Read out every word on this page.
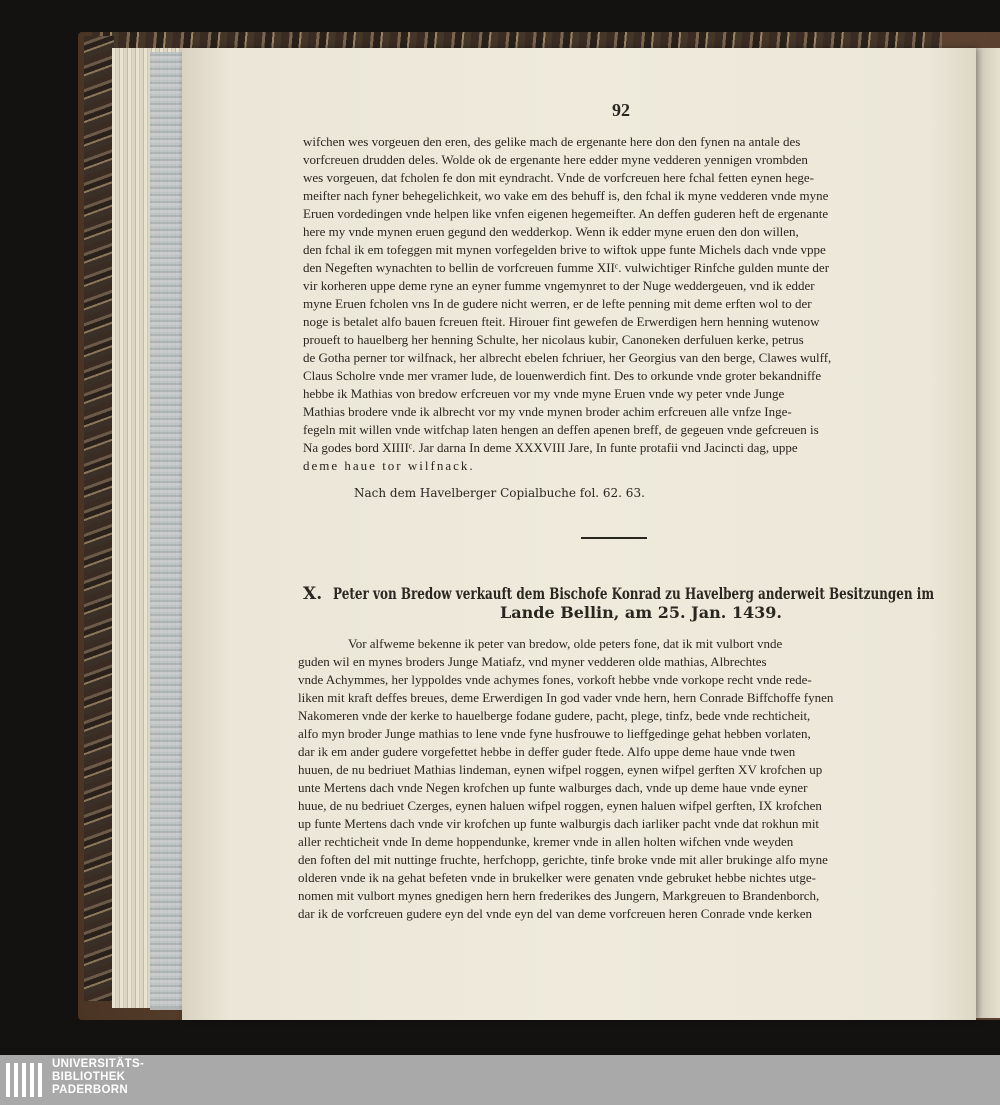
92
wifchen wes vorgeuen den eren, des gelike mach de ergenante here don den fynen na antale des
vorfcreuen drudden deles. Wolde ok de ergenante here edder myne vedderen yennigen vrombden
wes vorgeuen, dat fcholen fe don mit eyndracht. Vnde de vorfcreuen here fchal fetten eynen hege-
meifter nach fyner behegelichkeit, wo vake em des behuff is, den fchal ik myne vedderen vnde myne
Eruen vordedingen vnde helpen like vnfen eigenen hegemeifter. An deffen guderen heft de ergenante
here my vnde mynen eruen gegund den wedderkop. Wenn ik edder myne eruen den don willen,
den fchal ik em tofeggen mit mynen vorfegelden brive to wiftok uppe funte Michels dach vnde vppe
den Negeften wynachten to bellin de vorfcreuen fumme XIIᶜ. vulwichtiger Rinfche gulden munte der
vir korheren uppe deme ryne an eyner fumme vngemynret to der Nuge weddergeuen, vnd ik edder
myne Eruen fcholen vns In de gudere nicht werren, er de lefte penning mit deme erften wol to der
noge is betalet alfo bauen fcreuen fteit. Hirouer fint gewefen de Erwerdigen hern henning wutenow
proueft to hauelberg her henning Schulte, her nicolaus kubir, Canoneken derfuluen kerke, petrus
de Gotha perner tor wilfnack, her albrecht ebelen fchriuer, her Georgius van den berge, Clawes wulff,
Claus Scholre vnde mer vramer lude, de louenwerdich fint. Des to orkunde vnde groter bekandniffe
hebbe ik Mathias von bredow erfcreuen vor my vnde myne Eruen vnde wy peter vnde Junge
Mathias brodere vnde ik albrecht vor my vnde mynen broder achim erfcreuen alle vnfze Inge-
fegeln mit willen vnde witfchap laten hengen an deffen apenen breff, de gegeuen vnde gefcreuen is
Na godes bord XIIIIᶜ. Jar darna In deme XXXVIII Jare, In funte protafii vnd Jacincti dag, uppe
deme haue tor wilfnack.
Nach dem Havelberger Copialbuche fol. 62. 63.
X. Peter von Bredow verkauft dem Bischofe Konrad zu Havelberg anderweit Besitzungen im
Lande Bellin, am 25. Jan. 1439.
Vor alfweme bekenne ik peter van bredow, olde peters fone, dat ik mit vulbort vnde
guden wil en mynes broders Junge Matiafz, vnd myner vedderen olde mathias, Albrechtes
vnde Achymmes, her lyppoldes vnde achymes fones, vorkoft hebbe vnde vorkope recht vnde rede-
liken mit kraft deffes breues, deme Erwerdigen In god vader vnde hern, hern Conrade Biffchoffe fynen
Nakomeren vnde der kerke to hauelberge fodane gudere, pacht, plege, tinfz, bede vnde rechticheit,
alfo myn broder Junge mathias to lene vnde fyne husfrouwe to lieffgedinge gehat hebben vorlaten,
dar ik em ander gudere vorgefettet hebbe in deffer guder ftede. Alfo uppe deme haue vnde twen
huuen, de nu bedriuet Mathias lindeman, eynen wifpel roggen, eynen wifpel gerften XV krofchen up
unte Mertens dach vnde Negen krofchen up funte walburges dach, vnde up deme haue vnde eyner
huue, de nu bedriuet Czerges, eynen haluen wifpel roggen, eynen haluen wifpel gerften, IX krofchen
up funte Mertens dach vnde vir krofchen up funte walburgis dach iarliker pacht vnde dat rokhun mit
aller rechticheit vnde In deme hoppendunke, kremer vnde in allen holten wifchen vnde weyden
den foften del mit nuttinge fruchte, herfchopp, gerichte, tinfe broke vnde mit aller brukinge alfo myne
olderen vnde ik na gehat befeten vnde in brukelker were genaten vnde gebruket hebbe nichtes utge-
nomen mit vulbort mynes gnedigen hern hern frederikes des Jungern, Markgreuen to Brandenborch,
dar ik de vorfcreuen gudere eyn del vnde eyn del van deme vorfcreuen heren Conrade vnde kerken
UNIVERSITÄTS-
BIBLIOTHEK
PADERBORN
